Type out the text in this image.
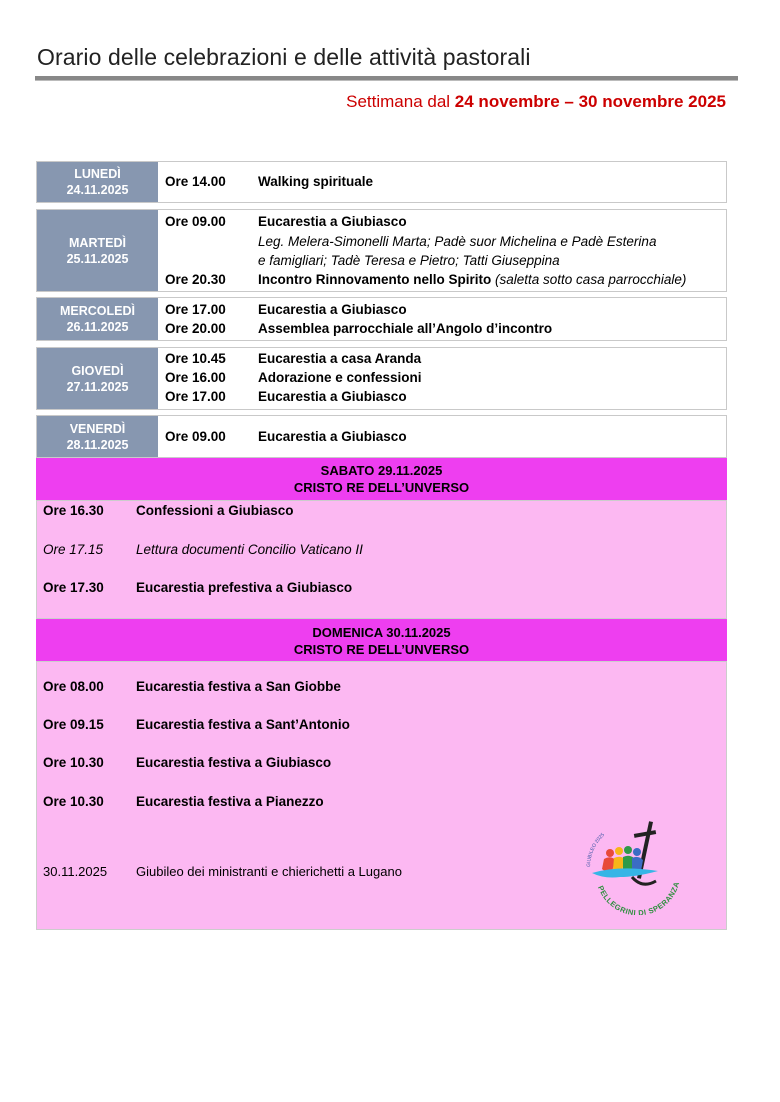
Orario delle celebrazioni e delle attività pastorali
Settimana dal 24 novembre – 30 novembre 2025
LUNEDÌ
24.11.2025
Ore 14.00 Walking spirituale
MARTEDÌ
25.11.2025
Ore 09.00 Eucarestia a Giubiasco
Leg. Melera-Simonelli Marta; Padè suor Michelina e Padè Esterina
e famigliari; Tadè Teresa e Pietro; Tatti Giuseppina
Ore 20.30 Incontro Rinnovamento nello Spirito (saletta sotto casa parrocchiale)
MERCOLEDÌ
26.11.2025
Ore 17.00 Eucarestia a Giubiasco
Ore 20.00 Assemblea parrocchiale all’Angolo d’incontro
GIOVEDÌ
27.11.2025
Ore 10.45 Eucarestia a casa Aranda
Ore 16.00 Adorazione e confessioni
Ore 17.00 Eucarestia a Giubiasco
VENERDÌ
28.11.2025
Ore 09.00 Eucarestia a Giubiasco
SABATO 29.11.2025
CRISTO RE DELL’UNVERSO
Ore 16.30 Confessioni a Giubiasco
Ore 17.15 Lettura documenti Concilio Vaticano II
Ore 17.30 Eucarestia prefestiva a Giubiasco
DOMENICA 30.11.2025
CRISTO RE DELL’UNVERSO
Ore 08.00 Eucarestia festiva a San Giobbe
Ore 09.15 Eucarestia festiva a Sant’Antonio
Ore 10.30 Eucarestia festiva a Giubiasco
Ore 10.30 Eucarestia festiva a Pianezzo
30.11.2025 Giubileo dei ministranti e chierichetti a Lugano	GIUBILEO 2025
PELLEGRINI DI SPERANZA
